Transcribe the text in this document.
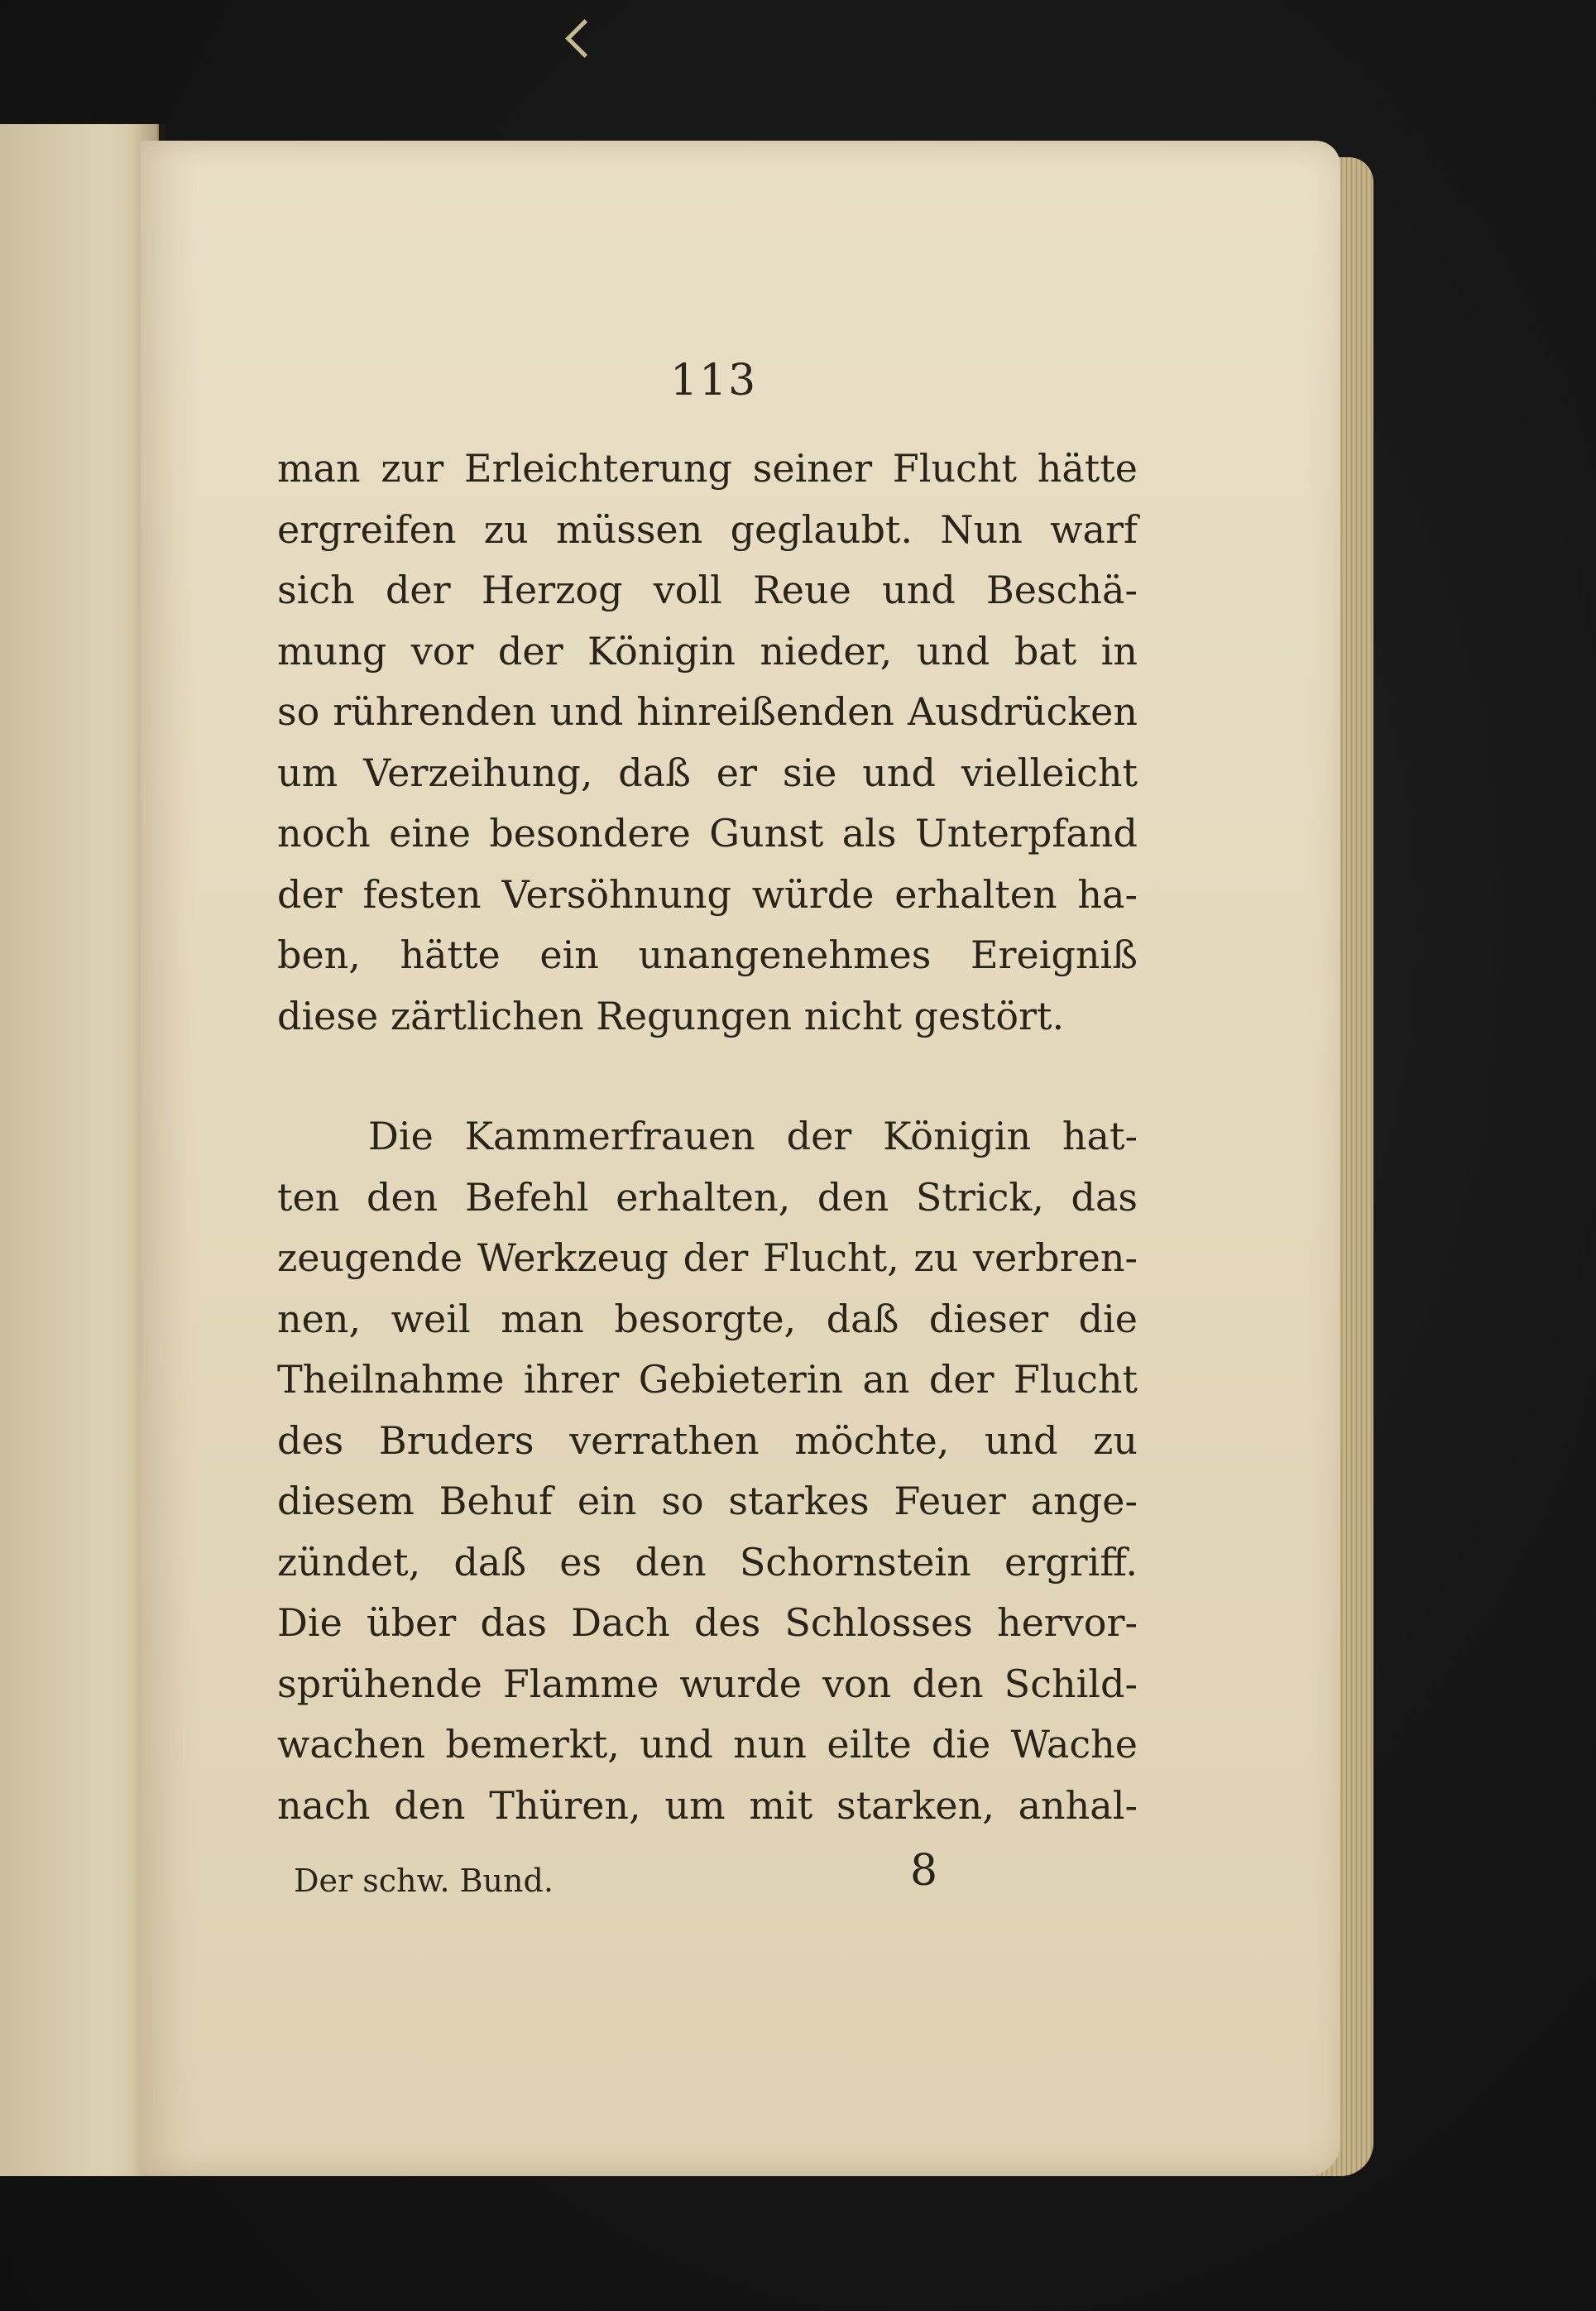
113
man zur Erleichterung seiner Flucht hätte
ergreifen zu müssen geglaubt. Nun warf
sich der Herzog voll Reue und Beschä-
mung vor der Königin nieder, und bat in
so rührenden und hinreißenden Ausdrücken
um Verzeihung, daß er sie und vielleicht
noch eine besondere Gunst als Unterpfand
der festen Versöhnung würde erhalten ha-
ben, hätte ein unangenehmes Ereigniß
diese zärtlichen Regungen nicht gestört.
Die Kammerfrauen der Königin hat-
ten den Befehl erhalten, den Strick, das
zeugende Werkzeug der Flucht, zu verbren-
nen, weil man besorgte, daß dieser die
Theilnahme ihrer Gebieterin an der Flucht
des Bruders verrathen möchte, und zu
diesem Behuf ein so starkes Feuer ange-
zündet, daß es den Schornstein ergriff.
Die über das Dach des Schlosses hervor-
sprühende Flamme wurde von den Schild-
wachen bemerkt, und nun eilte die Wache
nach den Thüren, um mit starken, anhal-
Der schw. Bund.	8
